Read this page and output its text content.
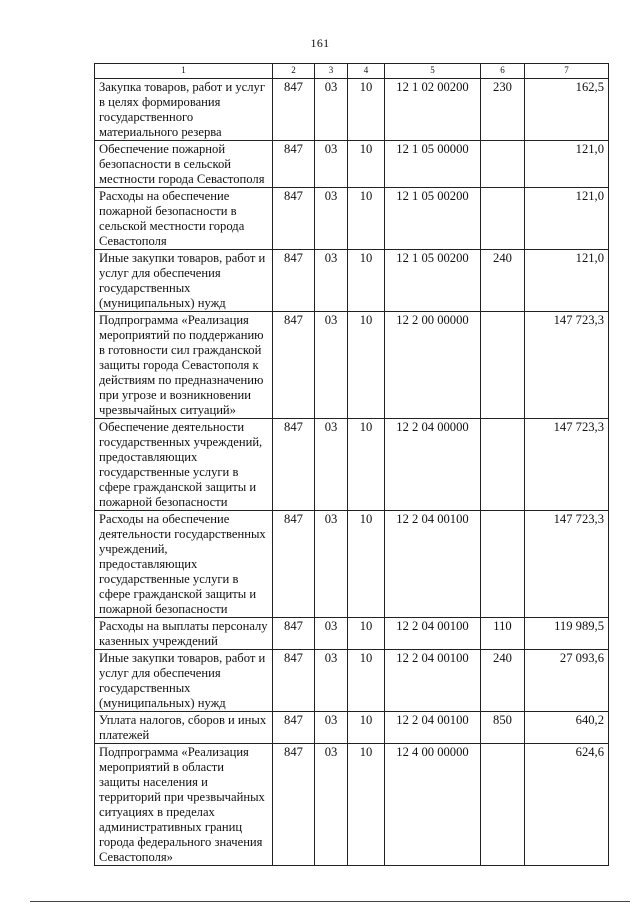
161
1	2	3	4	5	6	7
Закупка товаров, работ и услуг в целях формирования государственного материального резерва	847	03	10	12 1 02 00200	230	162,5
Обеспечение пожарной безопасности в сельской местности города Севастополя	847	03	10	12 1 05 00000		121,0
Расходы на обеспечение пожарной безопасности в сельской местности города Севастополя	847	03	10	12 1 05 00200		121,0
Иные закупки товаров, работ и услуг для обеспечения государственных (муниципальных) нужд	847	03	10	12 1 05 00200	240	121,0
Подпрограмма «Реализация мероприятий по поддержанию в готовности сил гражданской защиты города Севастополя к действиям по предназначению при угрозе и возникновении чрезвычайных ситуаций»	847	03	10	12 2 00 00000		147 723,3
Обеспечение деятельности государственных учреждений, предоставляющих государственные услуги в сфере гражданской защиты и пожарной безопасности	847	03	10	12 2 04 00000		147 723,3
Расходы на обеспечение деятельности государственных учреждений, предоставляющих государственные услуги в сфере гражданской защиты и пожарной безопасности	847	03	10	12 2 04 00100		147 723,3
Расходы на выплаты персоналу казенных учреждений	847	03	10	12 2 04 00100	110	119 989,5
Иные закупки товаров, работ и услуг для обеспечения государственных (муниципальных) нужд	847	03	10	12 2 04 00100	240	27 093,6
Уплата налогов, сборов и иных платежей	847	03	10	12 2 04 00100	850	640,2
Подпрограмма «Реализация мероприятий в области защиты населения и территорий при чрезвычайных ситуациях в пределах административных границ города федерального значения Севастополя»	847	03	10	12 4 00 00000		624,6
